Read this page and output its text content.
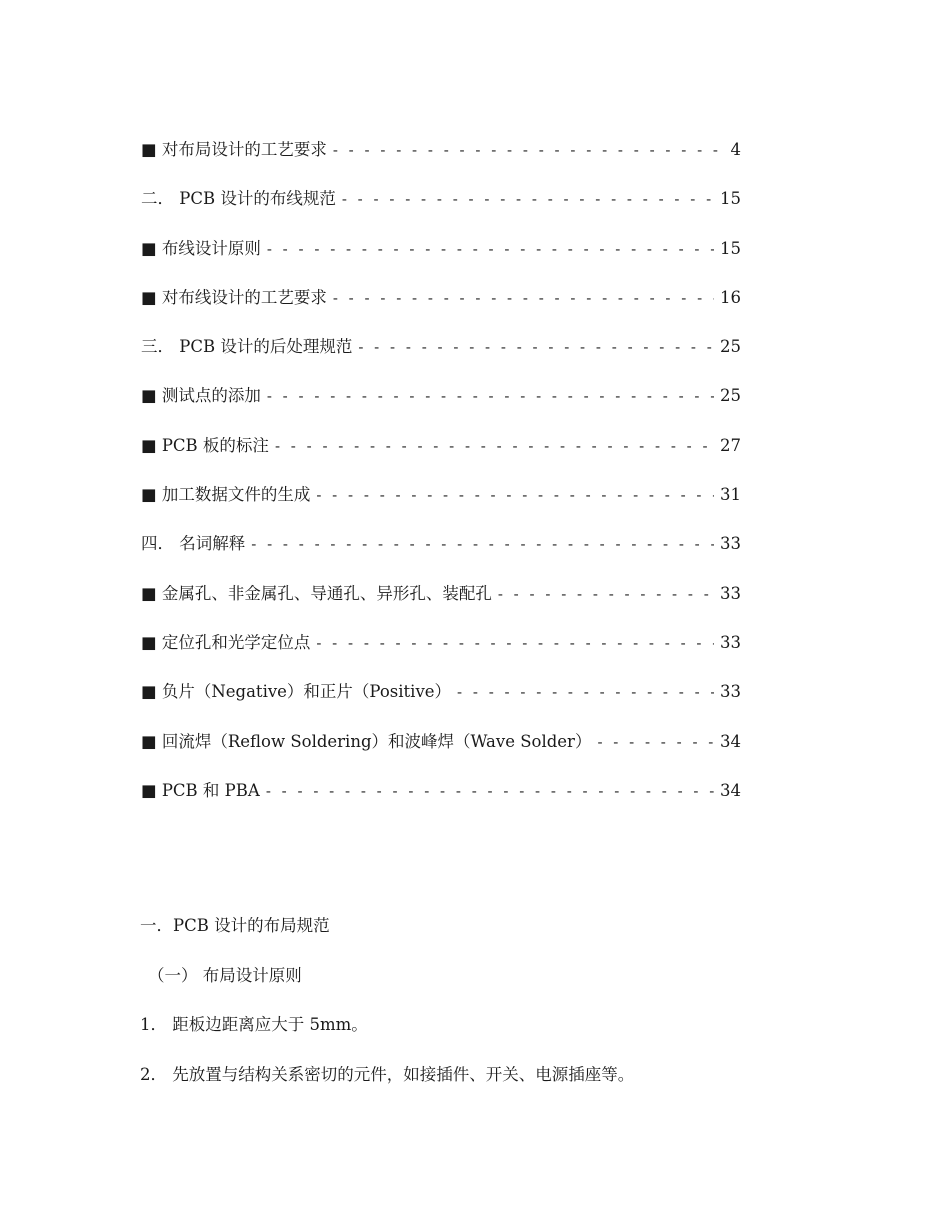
■ 对布局设计的工艺要求 - - -	4
二． PCB 设计的布线规范 - - -	15
■ 布线设计原则 - - -	15
■ 对布线设计的工艺要求 - - -	16
三． PCB 设计的后处理规范 - - -	25
■ 测试点的添加 - - -	25
■ PCB 板的标注 - - -	27
■ 加工数据文件的生成 - - -	31
四． 名词解释 - - -	33
■ 金属孔、非金属孔、导通孔、异形孔、装配孔 - - -	33
■ 定位孔和光学定位点 - - -	33
■ 负片（Negative）和正片（Positive） - - -	33
■ 回流焊（Reflow Soldering）和波峰焊（Wave Solder） - - -	34
■ PCB 和 PBA - - -	34
一．PCB 设计的布局规范
（一） 布局设计原则
1． 距板边距离应大于 5mm。
2． 先放置与结构关系密切的元件，如接插件、开关、电源插座等。
